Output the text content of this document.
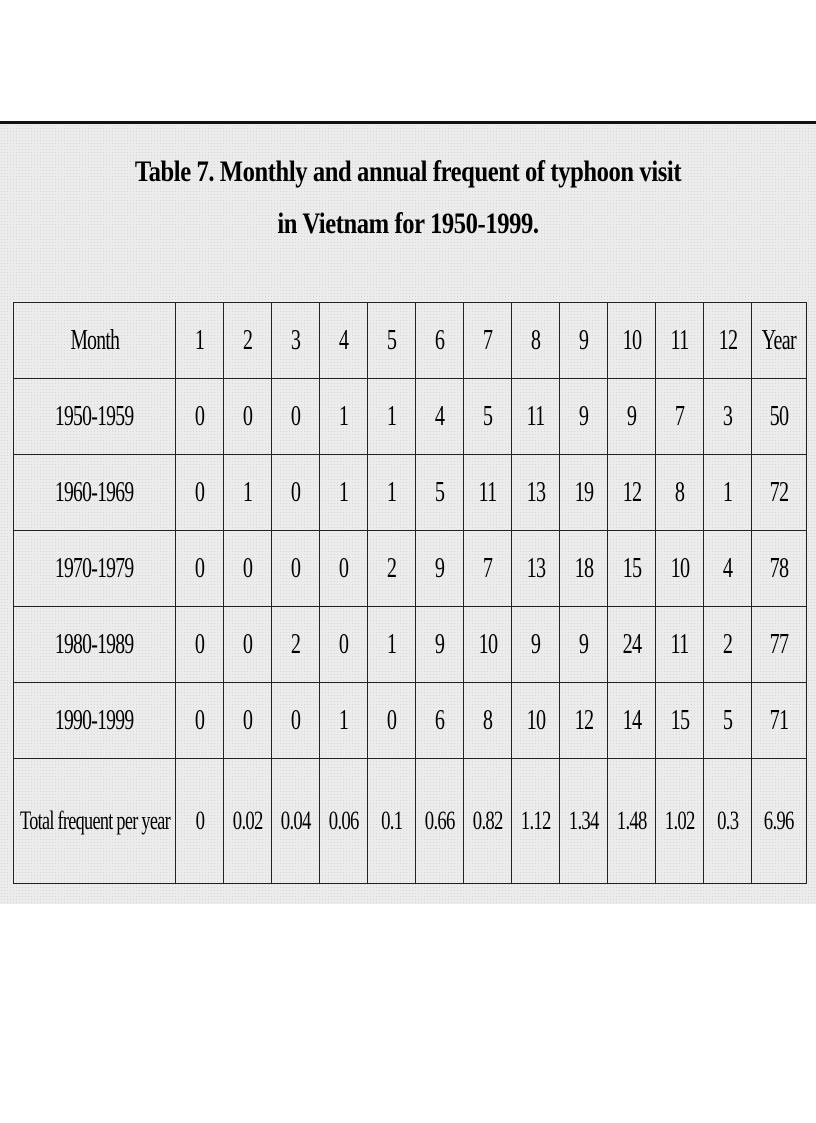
Table 7. Monthly and annual frequent of typhoon visit
in Vietnam for 1950-1999.
Month	1	2	3	4	5	6	7	8	9	10	11	12	Year
1950-1959	0	0	0	1	1	4	5	11	9	9	7	3	50
1960-1969	0	1	0	1	1	5	11	13	19	12	8	1	72
1970-1979	0	0	0	0	2	9	7	13	18	15	10	4	78
1980-1989	0	0	2	0	1	9	10	9	9	24	11	2	77
1990-1999	0	0	0	1	0	6	8	10	12	14	15	5	71

Total frequent per year	0	0.02	0.04	0.06	0.1	0.66	0.82	1.12	1.34	1.48	1.02	0.3	6.96
